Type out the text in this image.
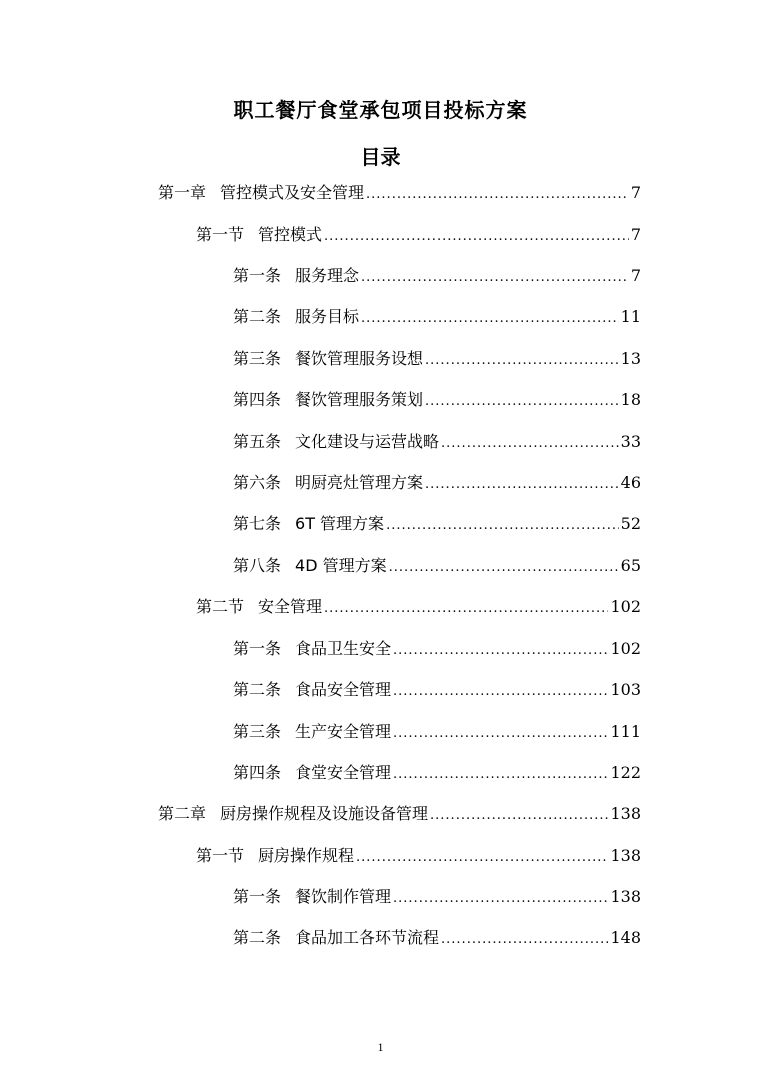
职工餐厅食堂承包项目投标方案
目录
第一章 管控模式及安全管理 .....	7
第一节 管控模式 .....	7
第一条 服务理念 .....	7
第二条 服务目标 .....	11
第三条 餐饮管理服务设想 .....	13
第四条 餐饮管理服务策划 .....	18
第五条 文化建设与运营战略 .....	33
第六条 明厨亮灶管理方案 .....	46
第七条 6T 管理方案 .....	52
第八条 4D 管理方案 .....	65
第二节 安全管理 .....	102
第一条 食品卫生安全 .....	102
第二条 食品安全管理 .....	103
第三条 生产安全管理 .....	111
第四条 食堂安全管理 .....	122
第二章 厨房操作规程及设施设备管理 .....	138
第一节 厨房操作规程 .....	138
第一条 餐饮制作管理 .....	138
第二条 食品加工各环节流程 .....	148
1
